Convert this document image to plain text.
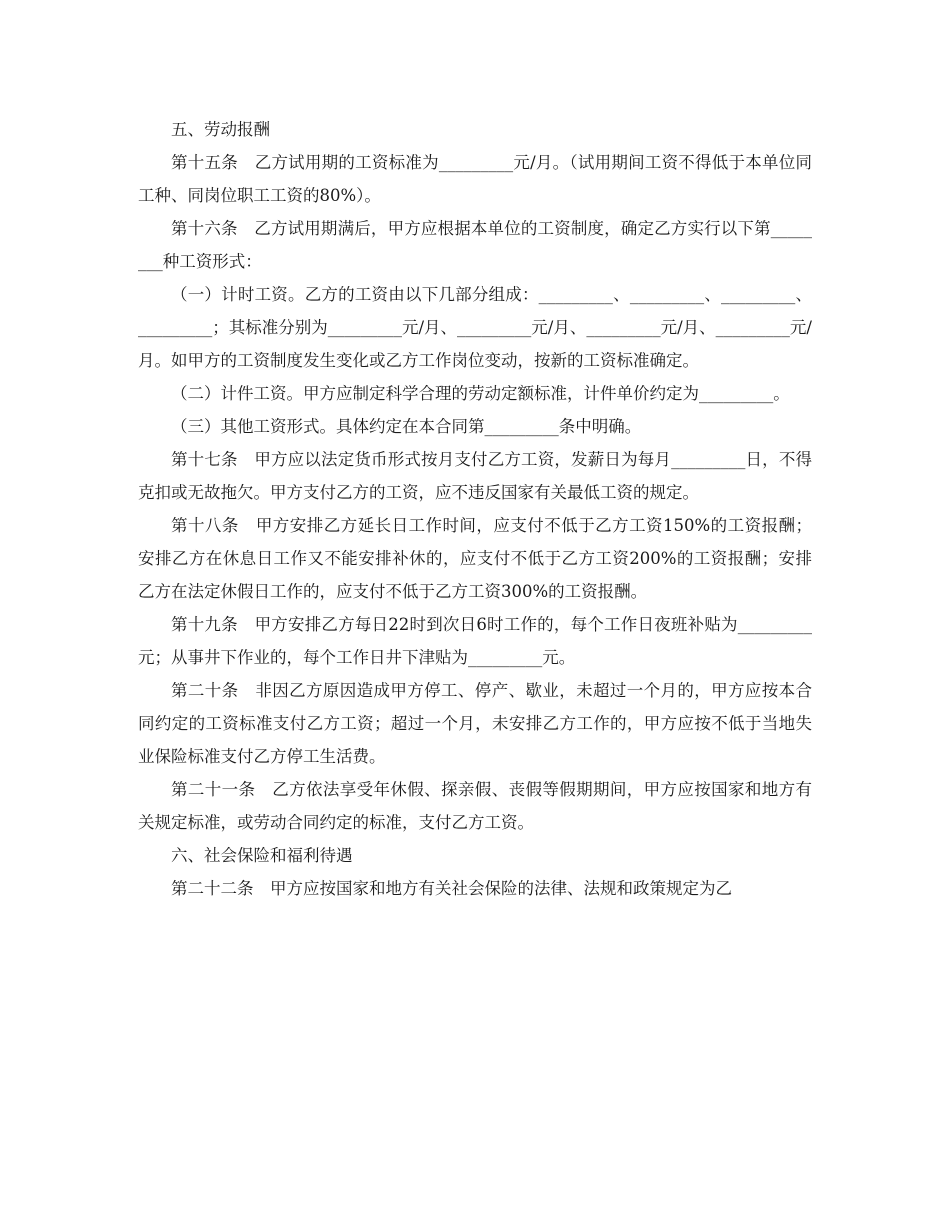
五、劳动报酬

第十五条　乙方试用期的工资标准为_________元/月。（试用期间工资不得低于本单位同工种、同岗位职工工资的80%）。

第十六条　乙方试用期满后，甲方应根据本单位的工资制度，确定乙方实行以下第________种工资形式：

（一）计时工资。乙方的工资由以下几部分组成：_________、_________、_________、_________；其标准分别为_________元/月、_________元/月、_________元/月、_________元/月。如甲方的工资制度发生变化或乙方工作岗位变动，按新的工资标准确定。

（二）计件工资。甲方应制定科学合理的劳动定额标准，计件单价约定为_________。

（三）其他工资形式。具体约定在本合同第_________条中明确。

第十七条　甲方应以法定货币形式按月支付乙方工资，发薪日为每月_________日，不得克扣或无故拖欠。甲方支付乙方的工资，应不违反国家有关最低工资的规定。

第十八条　甲方安排乙方延长日工作时间，应支付不低于乙方工资150%的工资报酬；安排乙方在休息日工作又不能安排补休的，应支付不低于乙方工资200%的工资报酬；安排乙方在法定休假日工作的，应支付不低于乙方工资300%的工资报酬。

第十九条　甲方安排乙方每日22时到次日6时工作的，每个工作日夜班补贴为_________元；从事井下作业的，每个工作日井下津贴为_________元。

第二十条　非因乙方原因造成甲方停工、停产、歇业，未超过一个月的，甲方应按本合同约定的工资标准支付乙方工资；超过一个月，未安排乙方工作的，甲方应按不低于当地失业保险标准支付乙方停工生活费。

第二十一条　乙方依法享受年休假、探亲假、丧假等假期期间，甲方应按国家和地方有关规定标准，或劳动合同约定的标准，支付乙方工资。

六、社会保险和福利待遇

第二十二条　甲方应按国家和地方有关社会保险的法律、法规和政策规定为乙
